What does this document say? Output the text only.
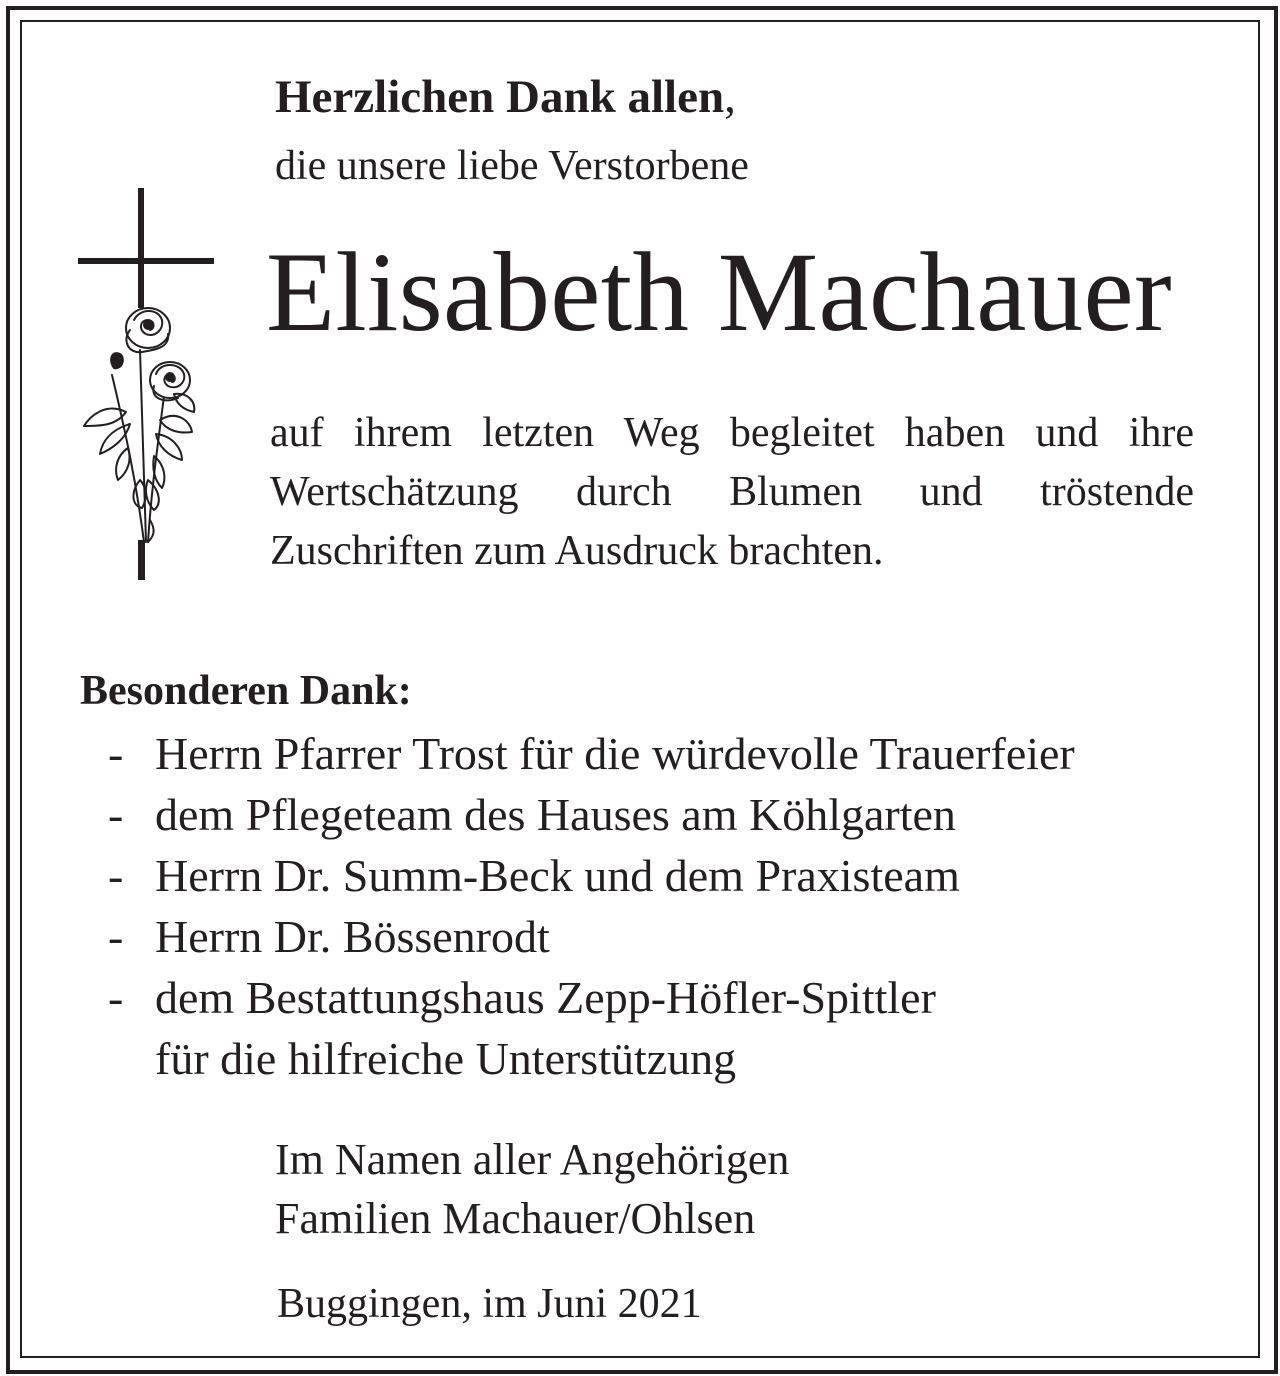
Herzlichen Dank allen,
die unsere liebe Verstorbene
Elisabeth Machauer
auf ihrem letzten Weg begleitet haben und ihre
Wertschätzung durch Blumen und tröstende
Zuschriften zum Ausdruck brachten.
Besonderen Dank:
- Herrn Pfarrer Trost für die würdevolle Trauerfeier
- dem Pflegeteam des Hauses am Köhlgarten
- Herrn Dr. Summ-Beck und dem Praxisteam
- Herrn Dr. Bössenrodt
- dem Bestattungshaus Zepp-Höfler-Spittler
für die hilfreiche Unterstützung
Im Namen aller Angehörigen
Familien Machauer/Ohlsen
Buggingen, im Juni 2021
